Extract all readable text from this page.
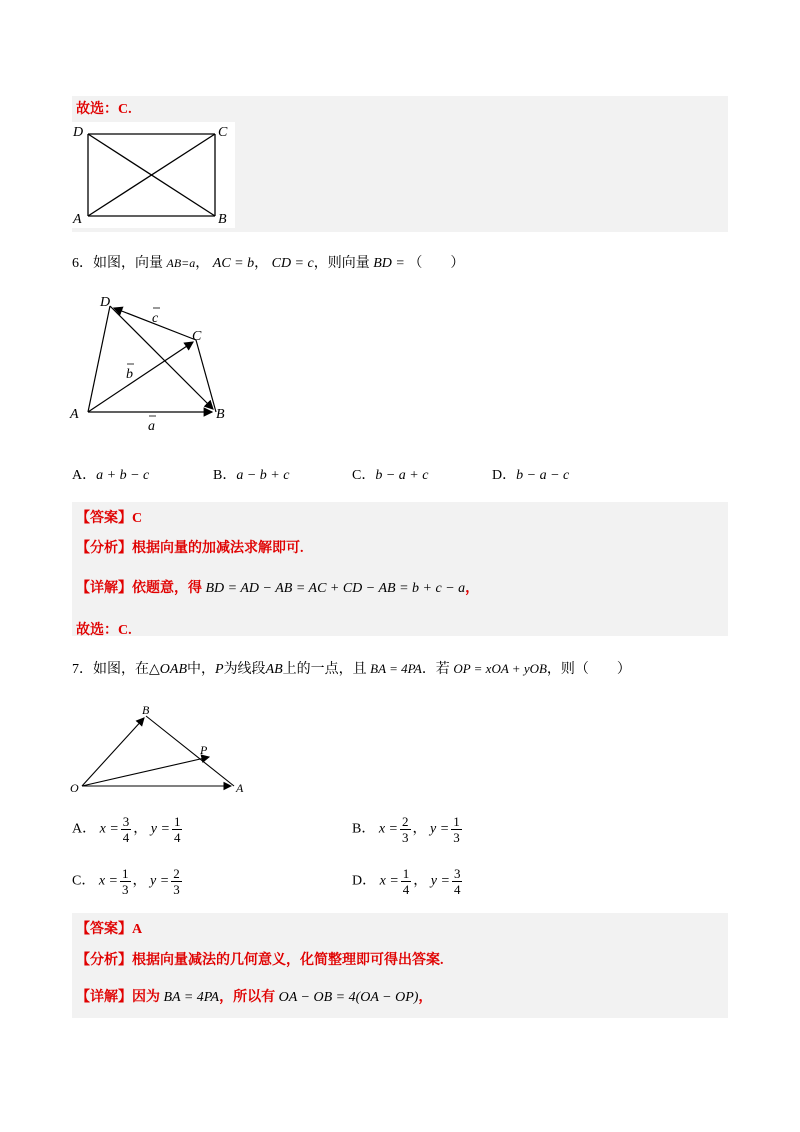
故选：C.
D	C
A	B
6．如图，向量 AB=a， AC = b， CD = c，则向量 BD = （　　）
D
C
A	B
a
b
c
A．a + b − c	B．a − b + c	C．b − a + c	D．b − a − c
【答案】C
【分析】根据向量的加减法求解即可.
【详解】依题意，得 BD = AD − AB = AC + CD − AB = b + c − a，
故选：C.
7．如图，在△OAB中，P为线段AB上的一点，且 BA = 4PA．若 OP = xOA + yOB，则（　　）
O	A
B
P
A． $x = \frac{3}{4}$ ， $y = \frac{1}{4}$	B． $x = \frac{2}{3}$ ， $y = \frac{1}{3}$
C． $x = \frac{1}{3}$ ， $y = \frac{2}{3}$	D． $x = \frac{1}{4}$ ， $y = \frac{3}{4}$
【答案】A
【分析】根据向量减法的几何意义，化简整理即可得出答案.
【详解】因为 BA = 4PA，所以有 OA − OB = 4(OA − OP)，
